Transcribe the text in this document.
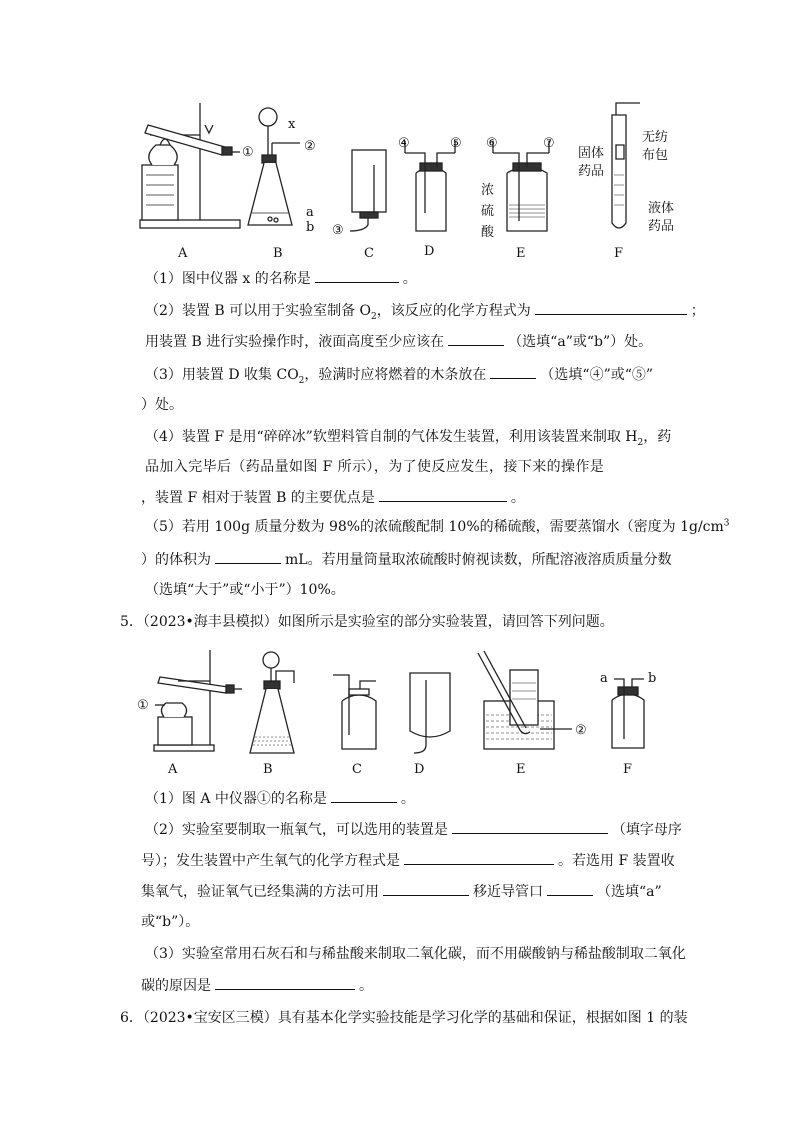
①
x
②
a
b ③
④	⑤ ⑥	⑦
浓
硫
酸
无纺
布包
固体
药品
液体
药品
A	B	C	D	E	F
（1）图中仪器 x 的名称是	。
（2）装置 B 可以用于实验室制备 $O_2$，该反应的化学方程式为	；
用装置 B 进行实验操作时，液面高度至少应该在	（选填“a”或“b”）处。
（3）用装置 D 收集 $CO_2$，验满时应将燃着的木条放在	（选填“④”或“⑤”
）处。
（4）装置 F 是用“碎碎冰”软塑料管自制的气体发生装置，利用该装置来制取 $H_2$，药
品加入完毕后（药品量如图 F 所示），为了使反应发生，接下来的操作是
，装置 F 相对于装置 B 的主要优点是	。
（5）若用 100g 质量分数为 98%的浓硫酸配制 10%的稀硫酸，需要蒸馏水（密度为 $1g/cm^3$
）的体积为	mL。若用量筒量取浓硫酸时俯视读数，所配溶液溶质质量分数
（选填“大于”或“小于”）10%。
5．（2023•海丰县模拟）如图所示是实验室的部分实验装置，请回答下列问题。
①
②
a	b
A	B	C	D	E	F
（1）图 A 中仪器①的名称是	。
（2）实验室要制取一瓶氧气，可以选用的装置是	（填字母序
号）；发生装置中产生氧气的化学方程式是	。若选用 F 装置收
集氧气，验证氧气已经集满的方法可用	移近导管口	（选填“a”
或“b”）。
（3）实验室常用石灰石和与稀盐酸来制取二氧化碳，而不用碳酸钠与稀盐酸制取二氧化
碳的原因是	。
6．（2023•宝安区三模）具有基本化学实验技能是学习化学的基础和保证，根据如图 1 的装
